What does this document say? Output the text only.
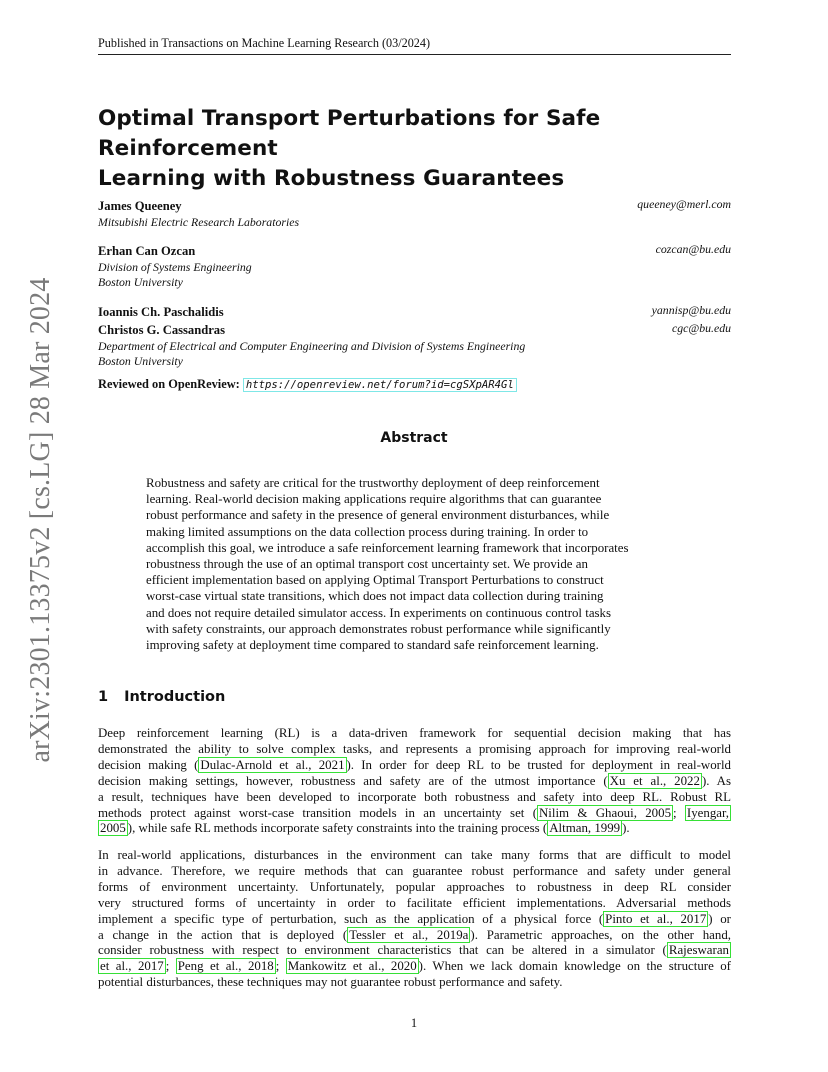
arXiv:2301.13375v2 [cs.LG] 28 Mar 2024
Published in Transactions on Machine Learning Research (03/2024)
Optimal Transport Perturbations for Safe Reinforcement
Learning with Robustness Guarantees
James Queeney	queeney@merl.com
Mitsubishi Electric Research Laboratories
Erhan Can Ozcan	cozcan@bu.edu
Division of Systems Engineering
Boston University
Ioannis Ch. Paschalidis	yannisp@bu.edu
Christos G. Cassandras	cgc@bu.edu
Department of Electrical and Computer Engineering and Division of Systems Engineering
Boston University
Reviewed on OpenReview: https://openreview.net/forum?id=cgSXpAR4Gl
Abstract
Robustness and safety are critical for the trustworthy deployment of deep reinforcement
learning. Real-world decision making applications require algorithms that can guarantee
robust performance and safety in the presence of general environment disturbances, while
making limited assumptions on the data collection process during training. In order to
accomplish this goal, we introduce a safe reinforcement learning framework that incorporates
robustness through the use of an optimal transport cost uncertainty set. We provide an
efficient implementation based on applying Optimal Transport Perturbations to construct
worst-case virtual state transitions, which does not impact data collection during training
and does not require detailed simulator access. In experiments on continuous control tasks
with safety constraints, our approach demonstrates robust performance while significantly
improving safety at deployment time compared to standard safe reinforcement learning.
1 Introduction
Deep reinforcement learning (RL) is a data-driven framework for sequential decision making that has
demonstrated the ability to solve complex tasks, and represents a promising approach for improving real-world
decision making ( Dulac-Arnold et al., 2021 ). In order for deep RL to be trusted for deployment in real-world
decision making settings, however, robustness and safety are of the utmost importance ( Xu et al., 2022 ). As
a result, techniques have been developed to incorporate both robustness and safety into deep RL. Robust RL
methods protect against worst-case transition models in an uncertainty set ( Nilim & Ghaoui, 2005 ; Iyengar,
2005 ), while safe RL methods incorporate safety constraints into the training process ( Altman, 1999 ).
In real-world applications, disturbances in the environment can take many forms that are difficult to model
in advance. Therefore, we require methods that can guarantee robust performance and safety under general
forms of environment uncertainty. Unfortunately, popular approaches to robustness in deep RL consider
very structured forms of uncertainty in order to facilitate efficient implementations. Adversarial methods
implement a specific type of perturbation, such as the application of a physical force ( Pinto et al., 2017 ) or
a change in the action that is deployed ( Tessler et al., 2019a ). Parametric approaches, on the other hand,
consider robustness with respect to environment characteristics that can be altered in a simulator ( Rajeswaran
et al., 2017 ; Peng et al., 2018 ; Mankowitz et al., 2020 ). When we lack domain knowledge on the structure of
potential disturbances, these techniques may not guarantee robust performance and safety.
1
